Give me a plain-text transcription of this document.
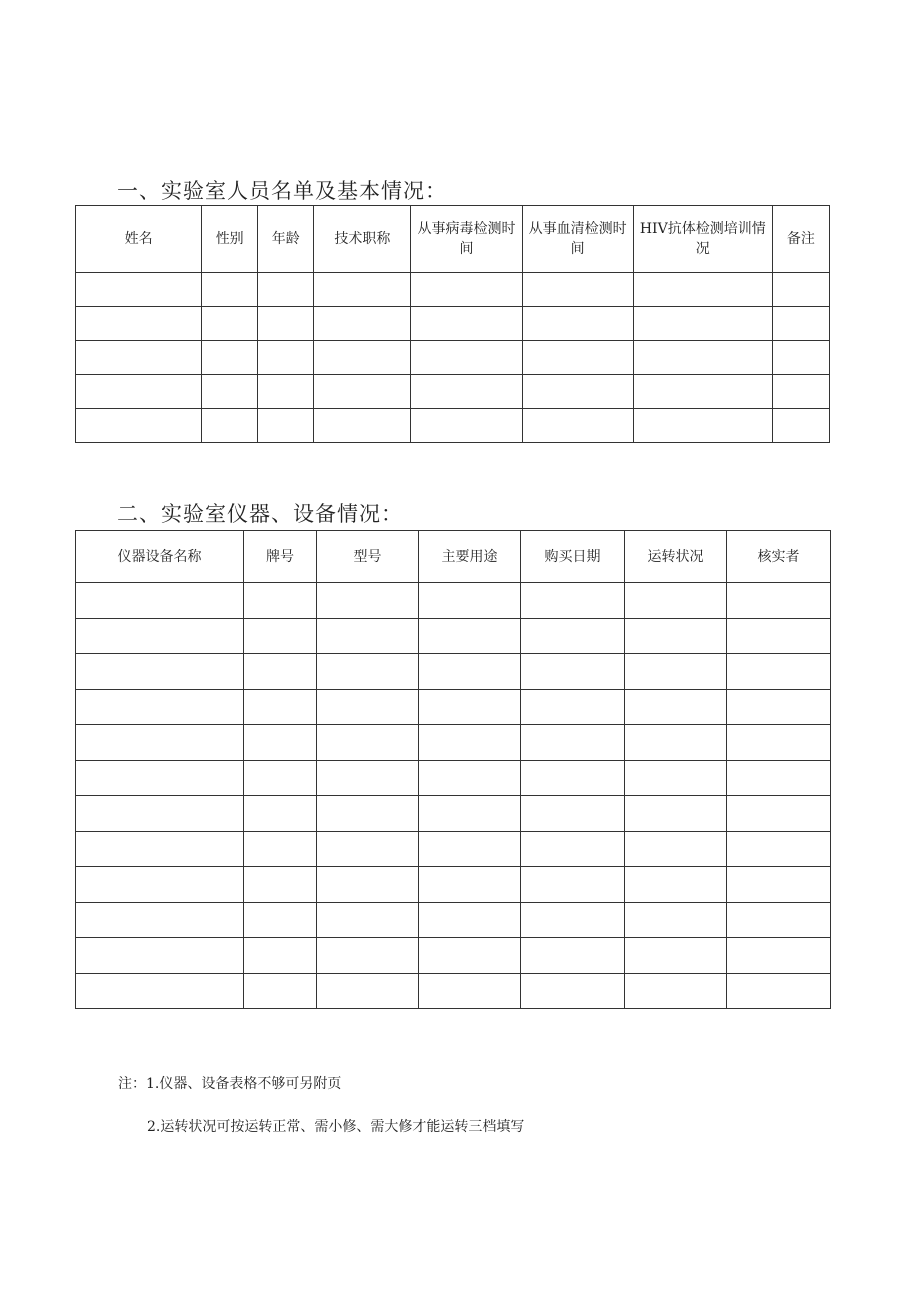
一、实验室人员名单及基本情况：
姓名	性别	年龄	技术职称	从事病毒检测时间	从事血清检测时间	HIV抗体检测培训情况	备注

二、实验室仪器、设备情况：
仪器设备名称	牌号	型号	主要用途	购买日期	运转状况	核实者

注：1.仪器、设备表格不够可另附页
2.运转状况可按运转正常、需小修、需大修才能运转三档填写
